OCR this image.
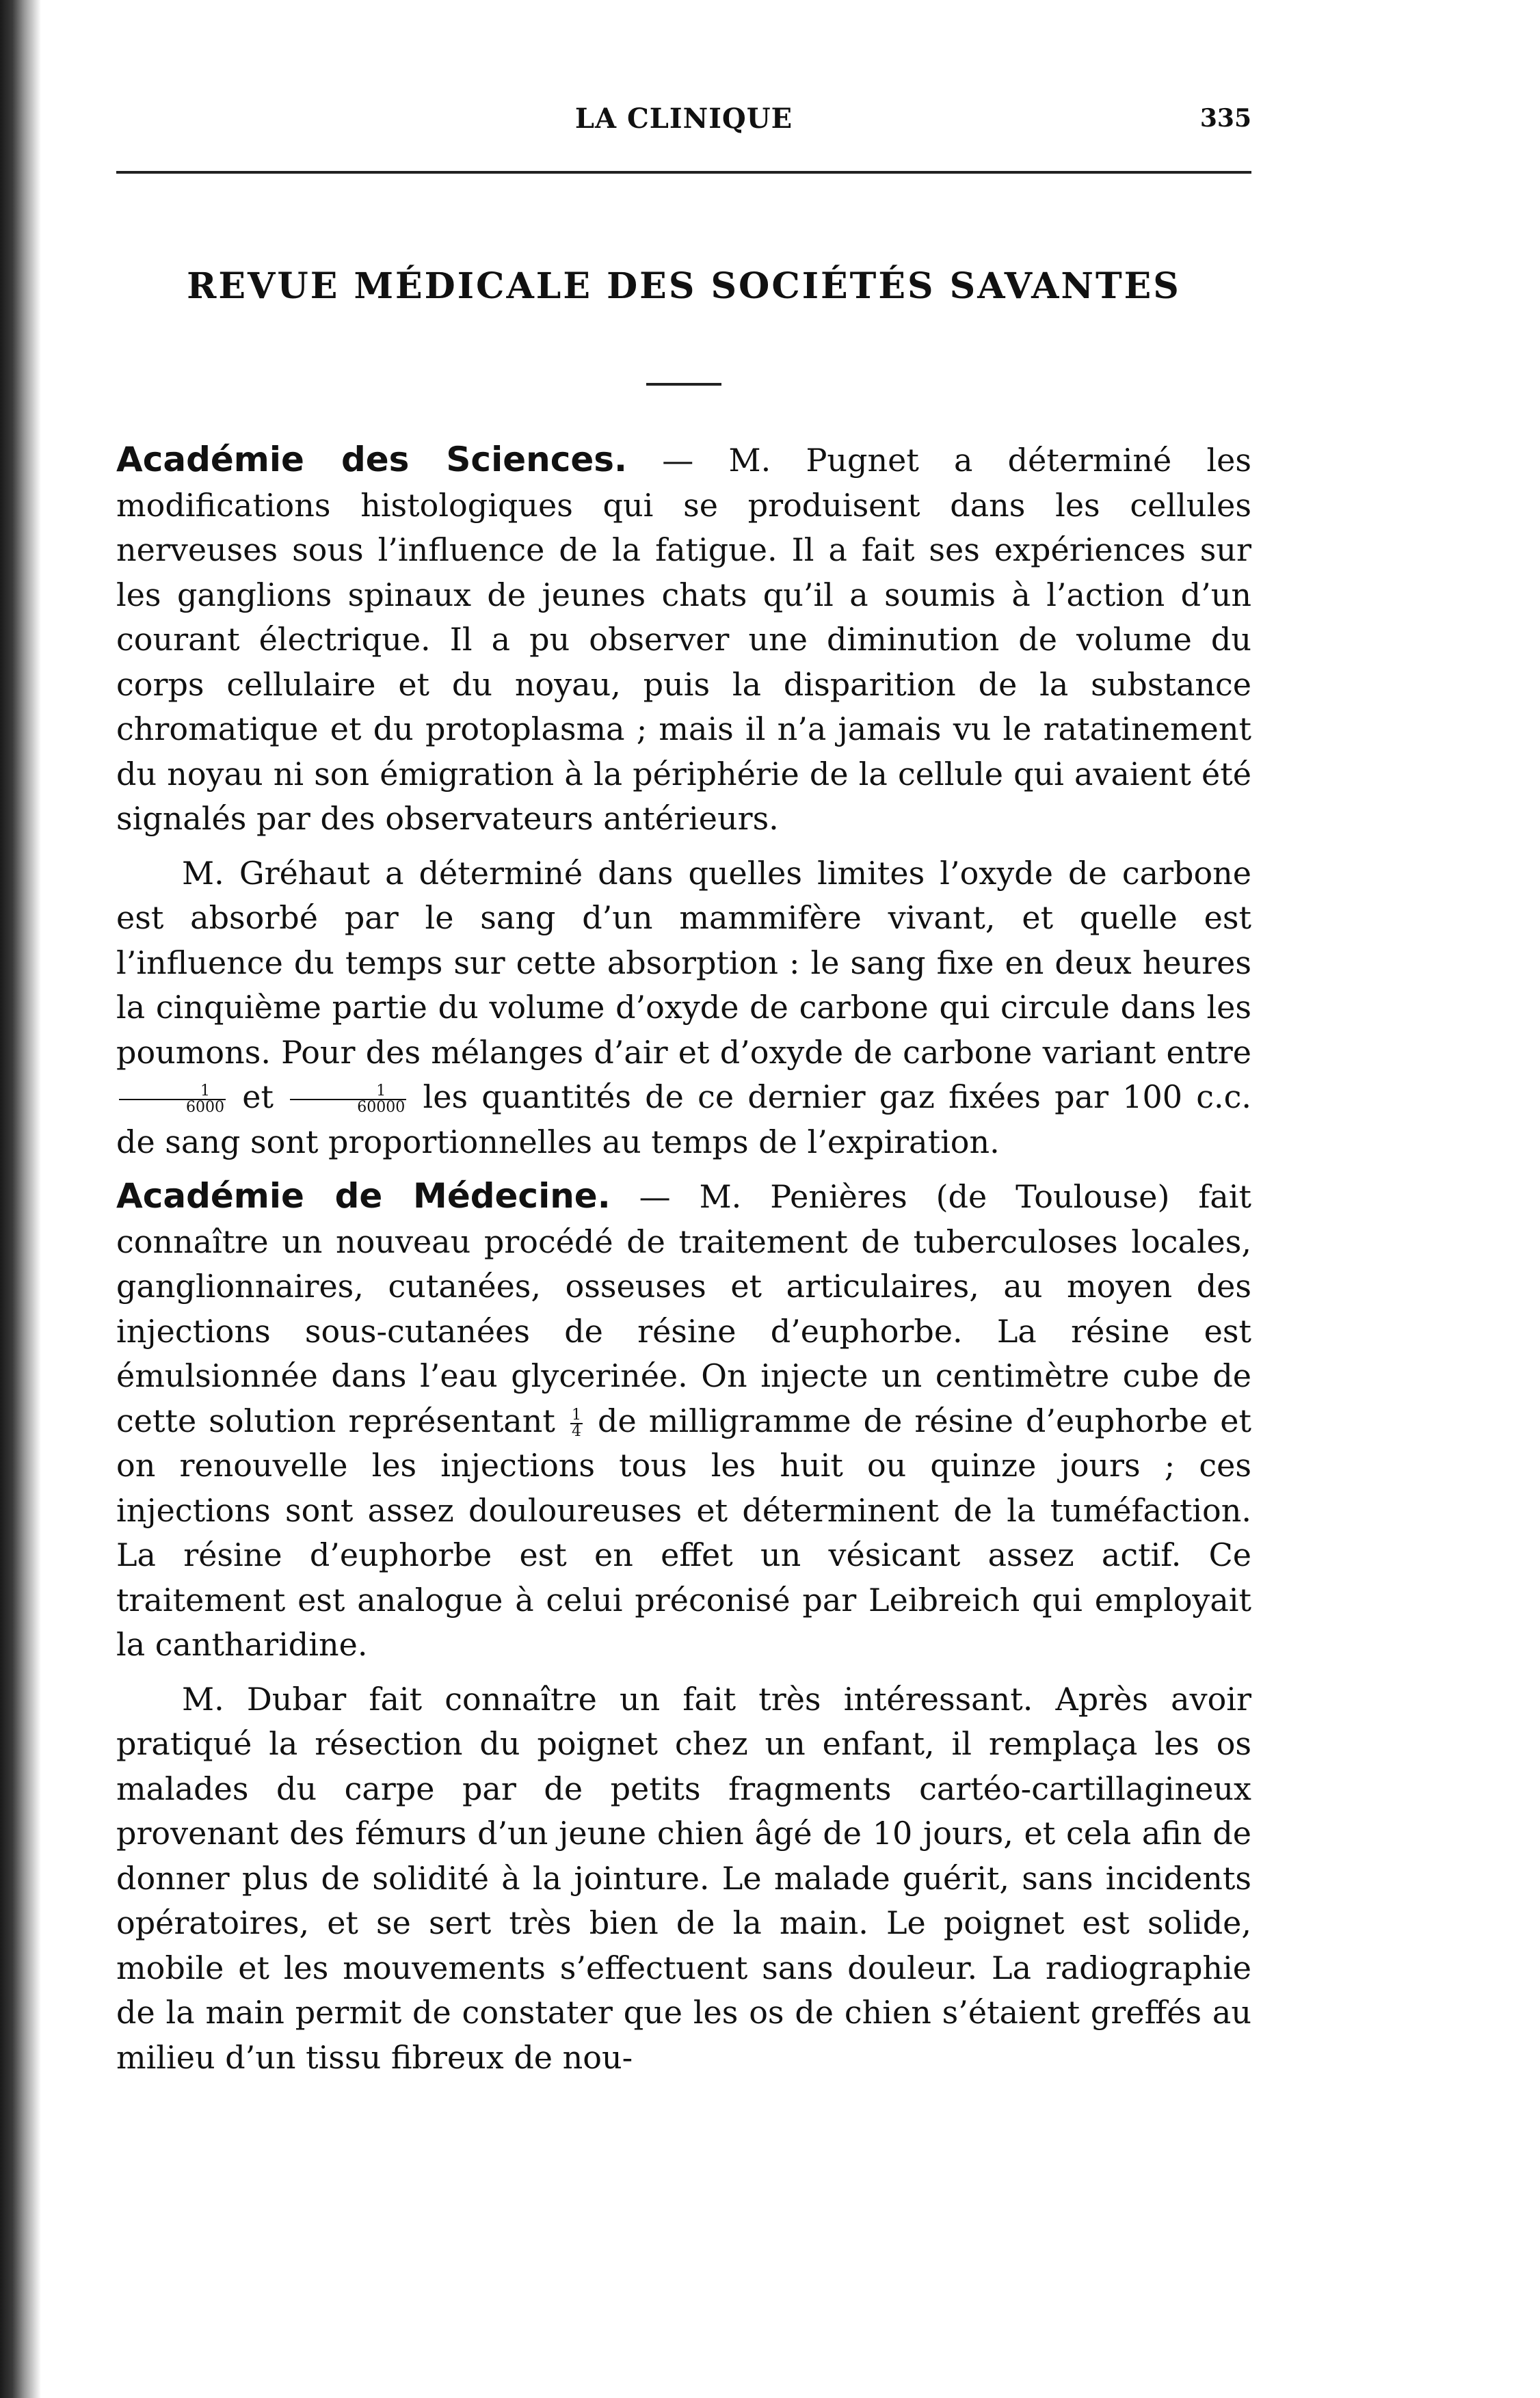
LA CLINIQUE	335
REVUE MÉDICALE DES SOCIÉTÉS SAVANTES

Académie des Sciences. — M. Pugnet a déterminé les modifications histologiques qui se produisent dans les cellules nerveuses sous l’influence de la fatigue. Il a fait ses expériences sur les ganglions spinaux de jeunes chats qu’il a soumis à l’action d’un courant électrique. Il a pu observer une diminution de volume du corps cellulaire et du noyau, puis la disparition de la substance chromatique et du protoplasma ; mais il n’a jamais vu le ratatinement du noyau ni son émigration à la périphérie de la cellule qui avaient été signalés par des observateurs antérieurs.

M. Gréhaut a déterminé dans quelles limites l’oxyde de carbone est absorbé par le sang d’un mammifère vivant, et quelle est l’influence du temps sur cette absorption : le sang fixe en deux heures la cinquième partie du volume d’oxyde de carbone qui circule dans les poumons. Pour des mélanges d’air et d’oxyde de carbone variant entre
$\frac{1}{6000}$ et $\frac{1}{60000}$ les quantités de ce dernier gaz fixées par 100 c.c. de sang sont proportionnelles au temps de l’expiration.

Académie de Médecine. — M. Penières (de Toulouse) fait connaître un nouveau procédé de traitement de tuberculoses locales, ganglionnaires, cutanées, osseuses et articulaires, au moyen des injections sous-cutanées de résine d’euphorbe. La résine est émulsionnée dans l’eau glycerinée. On injecte un centimètre cube de cette solution représentant $\frac{1}{4}$ de milligramme de résine d’euphorbe et on renouvelle les injections tous les huit ou quinze jours ; ces injections sont assez douloureuses et déterminent de la tuméfaction. La résine d’euphorbe est en effet un vésicant assez actif. Ce traitement est analogue à celui préconisé par Leibreich qui employait la cantharidine.

M. Dubar fait connaître un fait très intéressant. Après avoir pratiqué la résection du poignet chez un enfant, il remplaça les os malades du carpe par de petits fragments cartéo-cartillagineux provenant des fémurs d’un jeune chien âgé de 10 jours, et cela afin de donner plus de solidité à la jointure. Le malade guérit, sans incidents opératoires, et se sert très bien de la main. Le poignet est solide, mobile et les mouvements s’effectuent sans douleur. La radiographie de la main permit de constater que les os de chien s’étaient greffés au milieu d’un tissu fibreux de nou-
